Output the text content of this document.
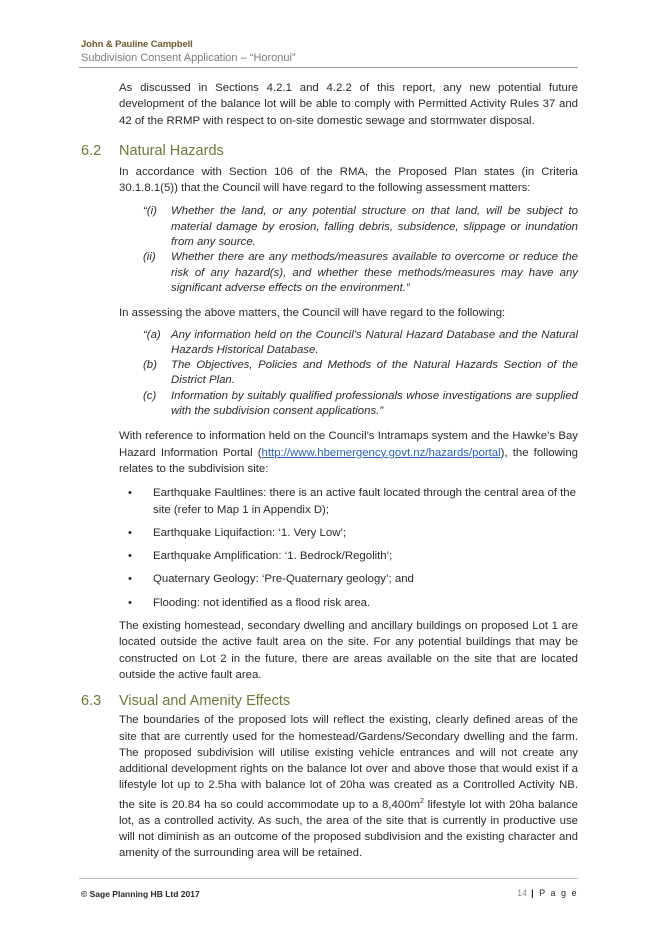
John & Pauline Campbell
Subdivision Consent Application – “Horonui”

As discussed in Sections 4.2.1 and 4.2.2 of this report, any new potential future development of the balance lot will be able to comply with Permitted Activity Rules 37 and 42 of the RRMP with respect to on-site domestic sewage and stormwater disposal.

6.2	Natural Hazards

In accordance with Section 106 of the RMA, the Proposed Plan states (in Criteria 30.1.8.1(5)) that the Council will have regard to the following assessment matters:

“(i)	Whether the land, or any potential structure on that land, will be subject to material damage by erosion, falling debris, subsidence, slippage or inundation from any source.
(ii)	Whether there are any methods/measures available to overcome or reduce the risk of any hazard(s), and whether these methods/measures may have any significant adverse effects on the environment.”

In assessing the above matters, the Council will have regard to the following:

“(a) Any information held on the Council’s Natural Hazard Database and the Natural Hazards Historical Database.
(b)	The Objectives, Policies and Methods of the Natural Hazards Section of the District Plan.
(c)	Information by suitably qualified professionals whose investigations are supplied with the subdivision consent applications.”

With reference to information held on the Council’s Intramaps system and the Hawke’s Bay Hazard Information Portal (http://www.hbemergency.govt.nz/hazards/portal), the following relates to the subdivision site:

•	Earthquake Faultlines: there is an active fault located through the central area of the site (refer to Map 1 in Appendix D);
•	Earthquake Liquifaction: ‘1. Very Low’;
•	Earthquake Amplification: ‘1. Bedrock/Regolith’;
•	Quaternary Geology: ‘Pre-Quaternary geology’; and
•	Flooding: not identified as a flood risk area.

The existing homestead, secondary dwelling and ancillary buildings on proposed Lot 1 are located outside the active fault area on the site. For any potential buildings that may be constructed on Lot 2 in the future, there are areas available on the site that are located outside the active fault area.

6.3	Visual and Amenity Effects

The boundaries of the proposed lots will reflect the existing, clearly defined areas of the site that are currently used for the homestead/Gardens/Secondary dwelling and the farm. The proposed subdivision will utilise existing vehicle entrances and will not create any additional development rights on the balance lot over and above those that would exist if a lifestyle lot up to 2.5ha with balance lot of 20ha was created as a Controlled Activity NB. the site is 20.84 ha so could accommodate up to a $8,400m^2$ lifestyle lot with 20ha balance lot, as a controlled activity. As such, the area of the site that is currently in productive use will not diminish as an outcome of the proposed subdivision and the existing character and amenity of the surrounding area will be retained.

© Sage Planning HB Ltd 2017	14 | P a g e
